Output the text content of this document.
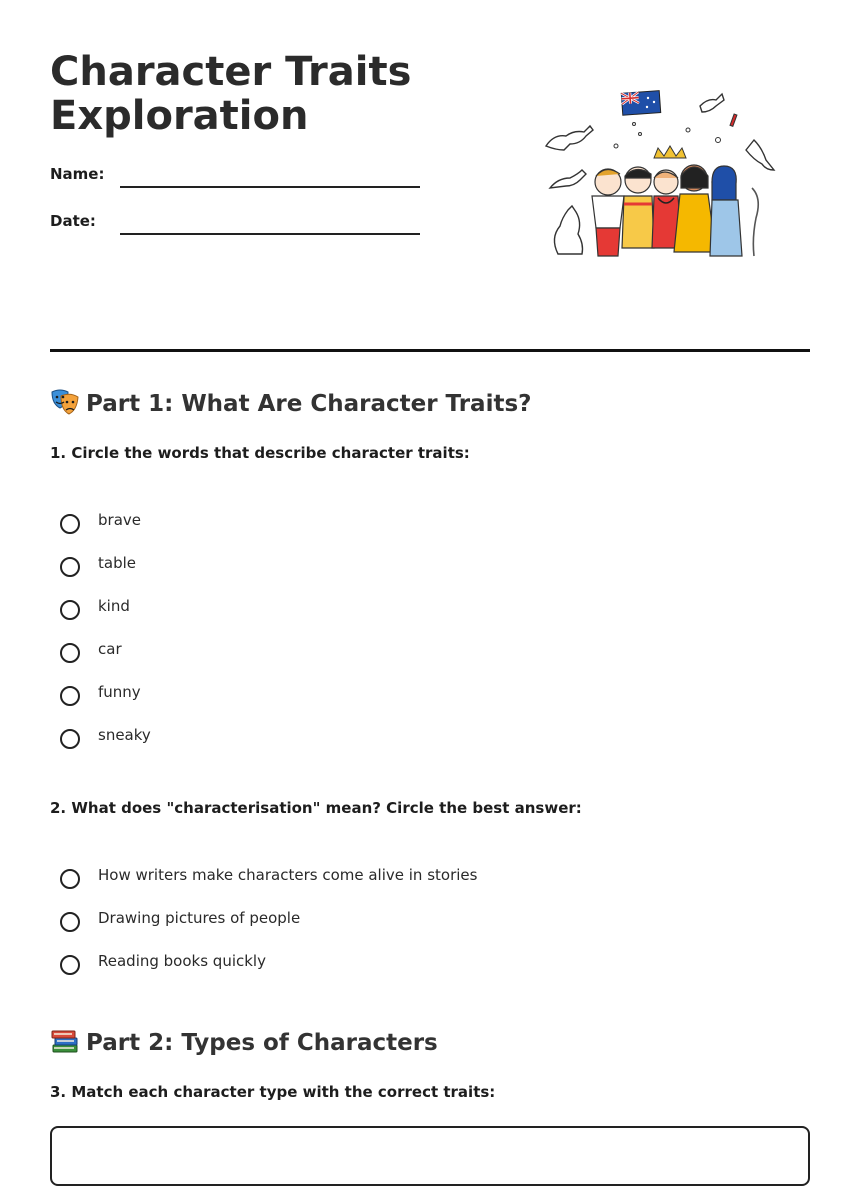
Character Traits Exploration
Name:
Date:
Part 1: What Are Character Traits?
1. Circle the words that describe character traits:
brave
table
kind
car
funny
sneaky
2. What does "characterisation" mean? Circle the best answer:
How writers make characters come alive in stories
Drawing pictures of people
Reading books quickly
Part 2: Types of Characters
3. Match each character type with the correct traits:
